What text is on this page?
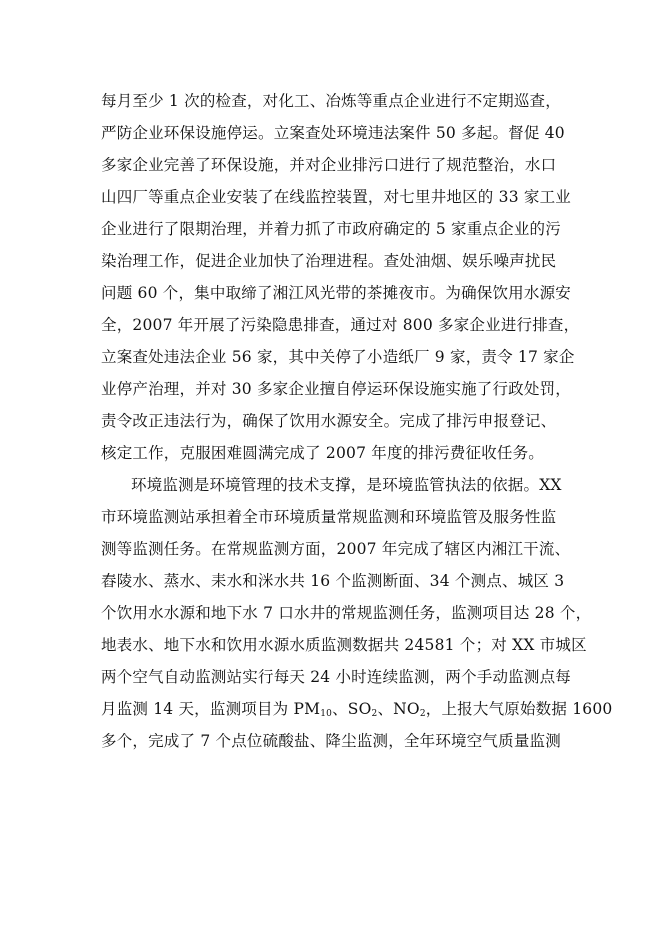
每月至少 1 次的检查，对化工、冶炼等重点企业进行不定期巡查，
严防企业环保设施停运。立案查处环境违法案件 50 多起。督促 40
多家企业完善了环保设施，并对企业排污口进行了规范整治，水口
山四厂等重点企业安装了在线监控装置，对七里井地区的 33 家工业
企业进行了限期治理，并着力抓了市政府确定的 5 家重点企业的污
染治理工作，促进企业加快了治理进程。查处油烟、娱乐噪声扰民
问题 60 个，集中取缔了湘江风光带的茶摊夜市。为确保饮用水源安
全，2007 年开展了污染隐患排查，通过对 800 多家企业进行排查，
立案查处违法企业 56 家，其中关停了小造纸厂 9 家，责令 17 家企
业停产治理，并对 30 多家企业擅自停运环保设施实施了行政处罚，
责令改正违法行为，确保了饮用水源安全。完成了排污申报登记、
核定工作，克服困难圆满完成了 2007 年度的排污费征收任务。
环境监测是环境管理的技术支撑，是环境监管执法的依据。XX
市环境监测站承担着全市环境质量常规监测和环境监管及服务性监
测等监测任务。在常规监测方面，2007 年完成了辖区内湘江干流、
舂陵水、蒸水、耒水和洣水共 16 个监测断面、34 个测点、城区 3
个饮用水水源和地下水 7 口水井的常规监测任务，监测项目达 28 个，
地表水、地下水和饮用水源水质监测数据共 24581 个；对 XX 市城区
两个空气自动监测站实行每天 24 小时连续监测，两个手动监测点每
月监测 14 天，监测项目为 $PM_{10}$、$SO_2$、$NO_2$，上报大气原始数据 1600
多个，完成了 7 个点位硫酸盐、降尘监测，全年环境空气质量监测
